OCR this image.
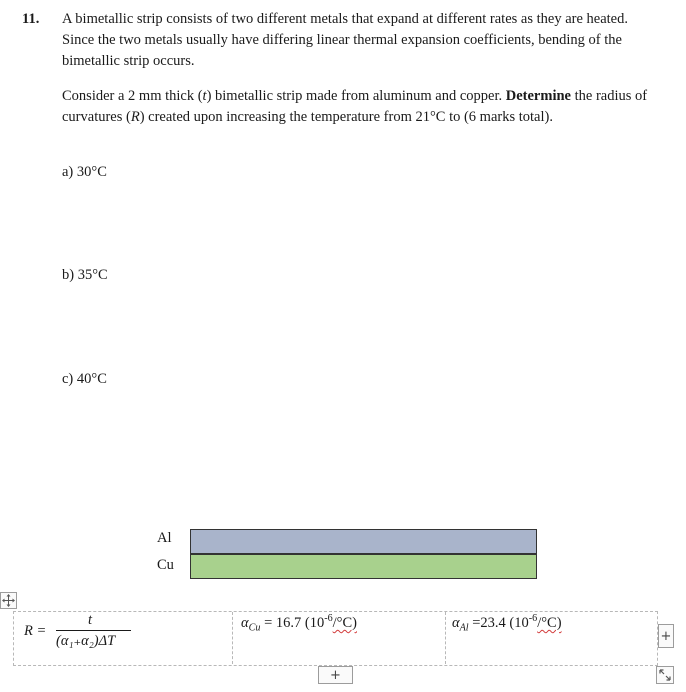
11. A bimetallic strip consists of two different metals that expand at different rates as they are heated. Since the two metals usually have differing linear thermal expansion coefficients, bending of the bimetallic strip occurs.
Consider a 2 mm thick (t) bimetallic strip made from aluminum and copper. Determine the radius of curvatures (R) created upon increasing the temperature from 21°C to (6 marks total).
a) 30°C
b) 35°C
c) 40°C
Al
Cu
R =
t
(α₁₊α₂)ΔT
$\alpha_{Cu} = 16.7$ $(10^{-6}/^\circ C)$	$\alpha_{Al} =23.4$ $(10^{-6}/^\circ C)$
+
+
